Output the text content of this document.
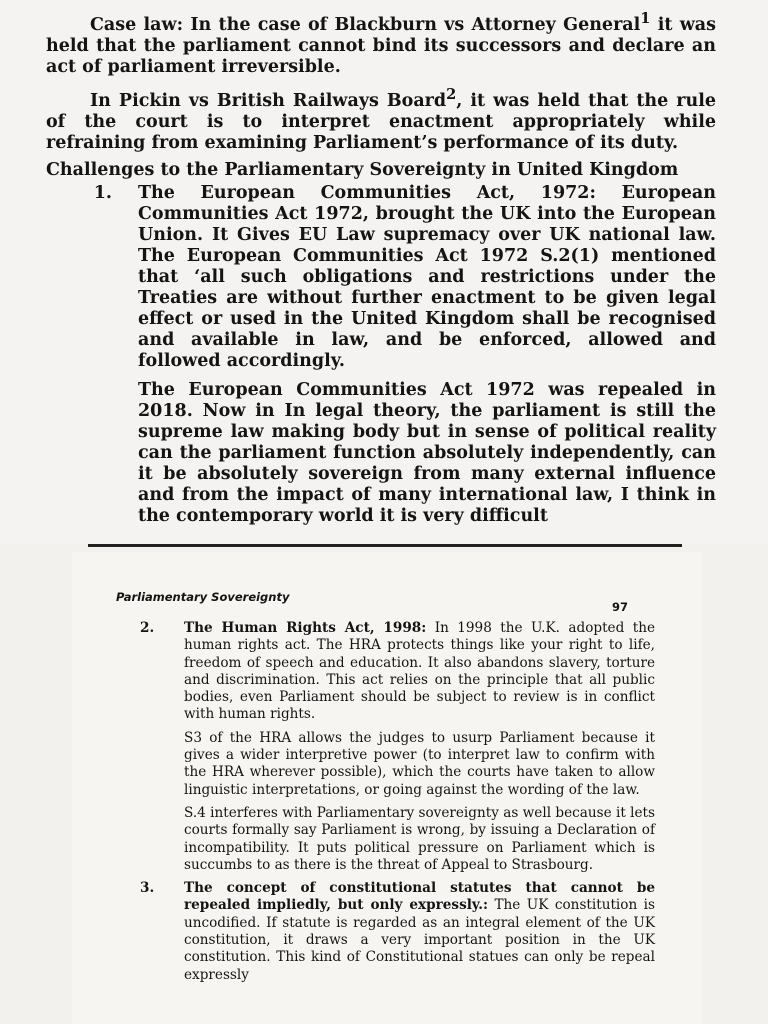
Case law: In the case of Blackburn vs Attorney General$^1$ it was held that the parliament cannot bind its successors and declare an act of parliament irreversible.

In Pickin vs British Railways Board$^2$, it was held that the rule of the court is to interpret enactment appropriately while refraining from examining Parliament’s performance of its duty.

Challenges to the Parliamentary Sovereignty in United Kingdom
1.	The European Communities Act, 1972: European Communities Act 1972, brought the UK into the European Union. It Gives EU Law supremacy over UK national law. The European Communities Act 1972 S.2(1) mentioned that ‘all such obligations and restrictions under the Treaties are without further enactment to be given legal effect or used in the United Kingdom shall be recognised and available in law, and be enforced, allowed and followed accordingly.

The European Communities Act 1972 was repealed in 2018. Now in In legal theory, the parliament is still the supreme law making body but in sense of political reality can the parliament function absolutely independently, can it be absolutely sovereign from many external influence and from the impact of many international law, I think in the contemporary world it is very difficult

Parliamentary Sovereignty
97
2.	The Human Rights Act, 1998: In 1998 the U.K. adopted the human rights act. The HRA protects things like your right to life, freedom of speech and education. It also abandons slavery, torture and discrimination. This act relies on the principle that all public bodies, even Parliament should be subject to review is in conflict with human rights.

S3 of the HRA allows the judges to usurp Parliament because it gives a wider interpretive power (to interpret law to confirm with the HRA wherever possible), which the courts have taken to allow linguistic interpretations, or going against the wording of the law.

S.4 interferes with Parliamentary sovereignty as well because it lets courts formally say Parliament is wrong, by issuing a Declaration of incompatibility. It puts political pressure on Parliament which is succumbs to as there is the threat of Appeal to Strasbourg.

3.	The concept of constitutional statutes that cannot be repealed impliedly, but only expressly.: The UK constitution is uncodified. If statute is regarded as an integral element of the UK constitution, it draws a very important position in the UK constitution. This kind of Constitutional statues can only be repeal expressly
